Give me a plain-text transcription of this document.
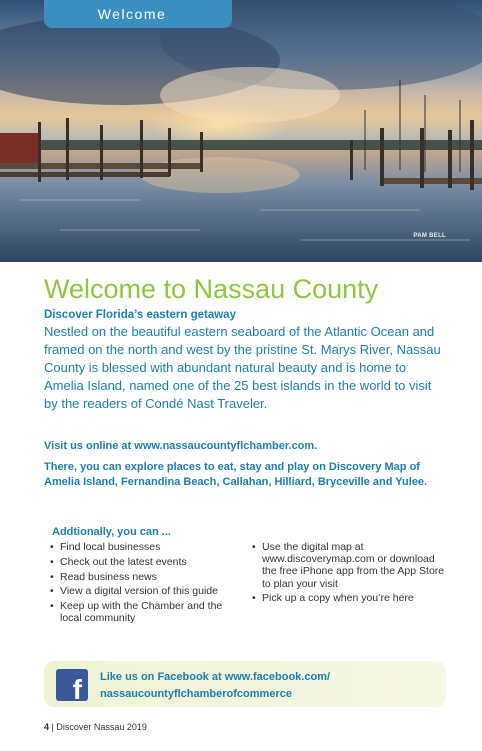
PAM BELL
Welcome
Welcome to Nassau County
Discover Florida’s eastern getaway
Nestled on the beautiful eastern seaboard of the Atlantic Ocean and framed on the north and west by the pristine St. Marys River, Nassau County is blessed with abundant natural beauty and is home to Amelia Island, named one of the 25 best islands in the world to visit by the readers of Condé Nast Traveler.
Visit us online at www.nassaucountyflchamber.com.
There, you can explore places to eat, stay and play on Discovery Map of Amelia Island, Fernandina Beach, Callahan, Hilliard, Bryceville and Yulee.
Addtionally, you can ...
• Find local businesses
• Check out the latest events
• Read business news
• View a digital version of this guide
• Keep up with the Chamber and the local community
• Use the digital map at www.discoverymap.com or download the free iPhone app from the App Store to plan your visit
• Pick up a copy when you’re here
f Like us on Facebook at www.facebook.com/
nassaucountyflchamberofcommerce
4 | Discover Nassau 2019
